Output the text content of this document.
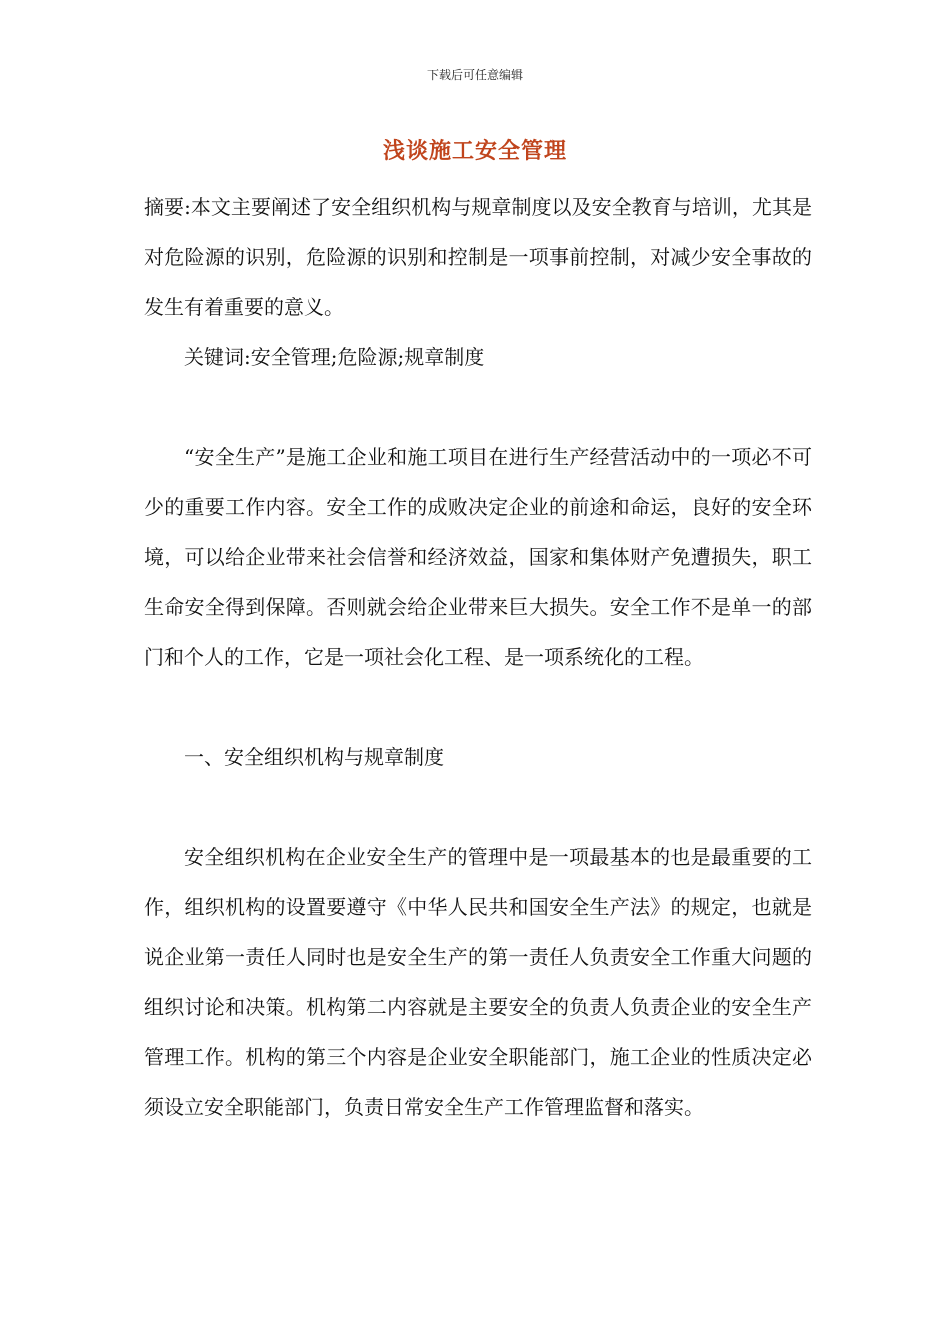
下载后可任意编辑
浅谈施工安全管理

摘要:本文主要阐述了安全组织机构与规章制度以及安全教育与培训，尤其是对危险源的识别，危险源的识别和控制是一项事前控制，对减少安全事故的发生有着重要的意义。

关键词:安全管理;危险源;规章制度

“安全生产”是施工企业和施工项目在进行生产经营活动中的一项必不可少的重要工作内容。安全工作的成败决定企业的前途和命运，良好的安全环境，可以给企业带来社会信誉和经济效益，国家和集体财产免遭损失，职工生命安全得到保障。否则就会给企业带来巨大损失。安全工作不是单一的部门和个人的工作，它是一项社会化工程、是一项系统化的工程。

一、安全组织机构与规章制度

安全组织机构在企业安全生产的管理中是一项最基本的也是最重要的工作，组织机构的设置要遵守《中华人民共和国安全生产法》的规定，也就是说企业第一责任人同时也是安全生产的第一责任人负责安全工作重大问题的组织讨论和决策。机构第二内容就是主要安全的负责人负责企业的安全生产管理工作。机构的第三个内容是企业安全职能部门，施工企业的性质决定必须设立安全职能部门，负责日常安全生产工作管理监督和落实。
